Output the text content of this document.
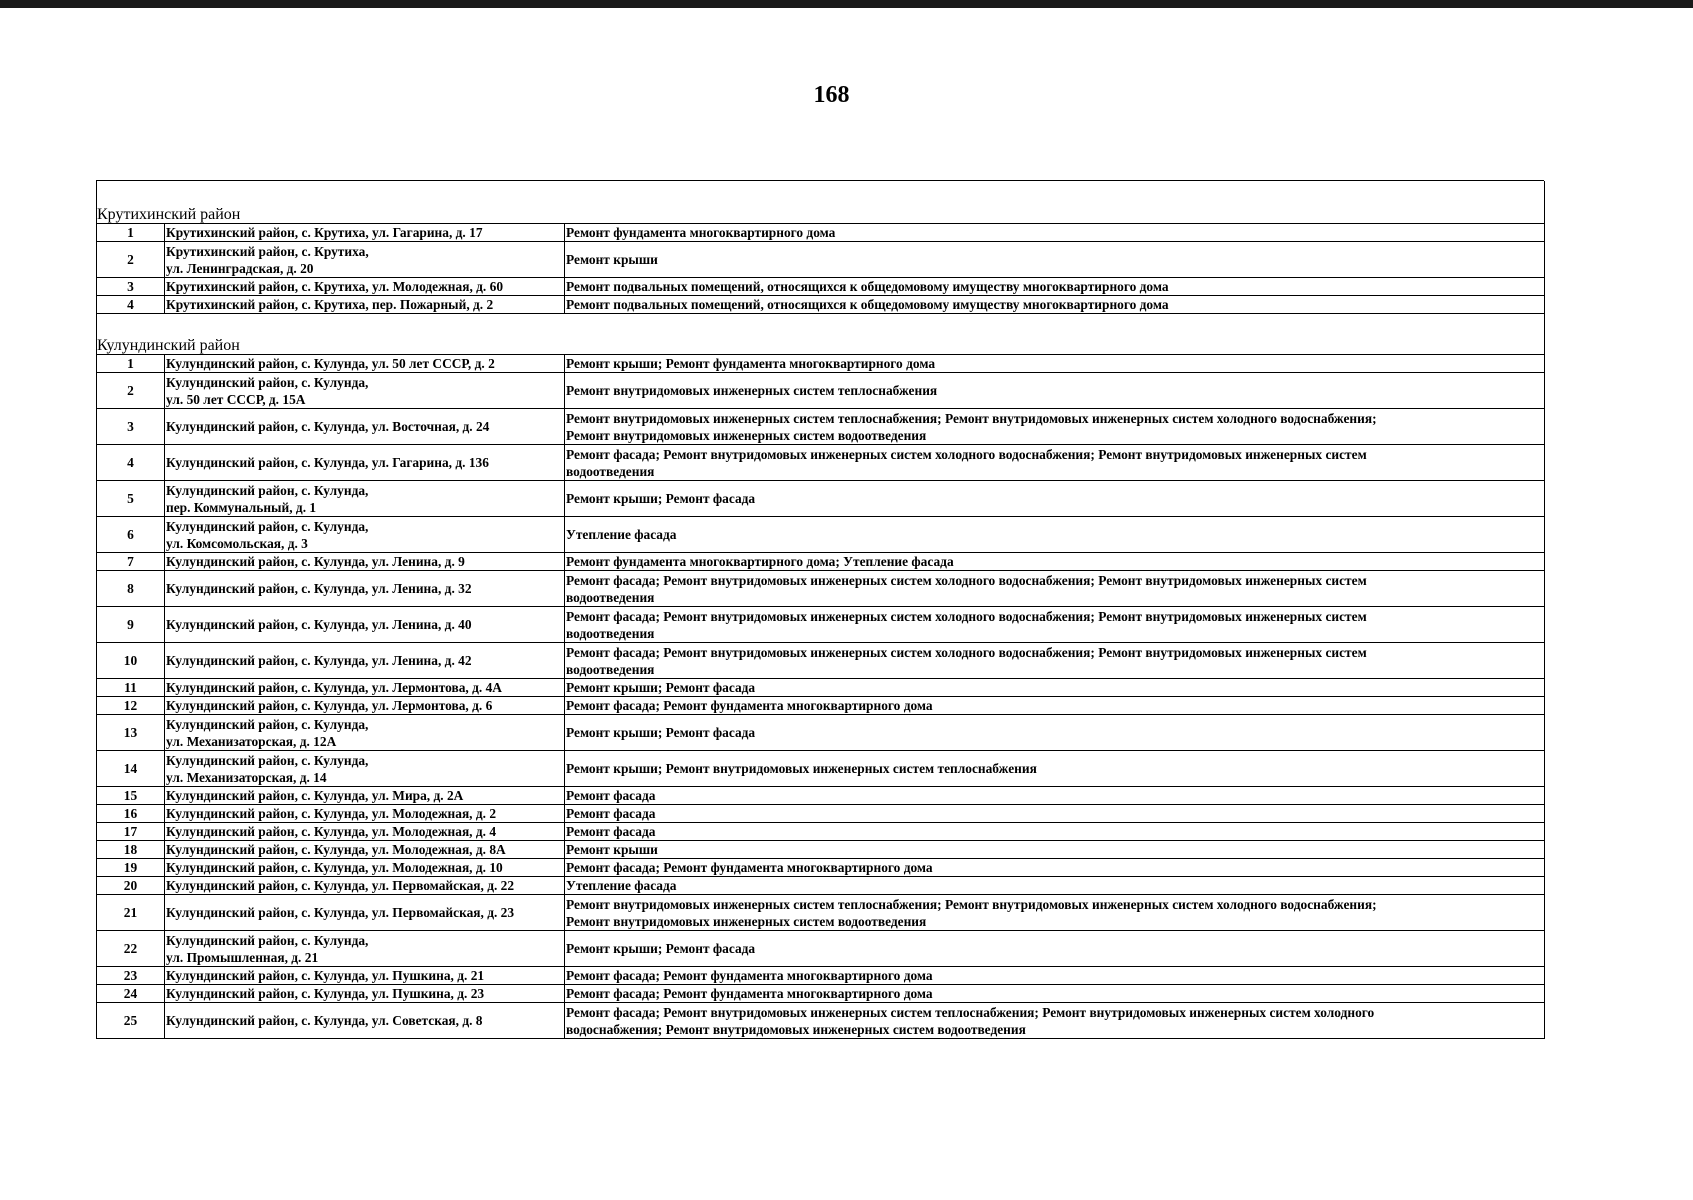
168
Крутихинский район		
1	Крутихинский район, с. Крутиха, ул. Гагарина, д. 17	Ремонт фундамента многоквартирного дома
2	Крутихинский район, с. Крутиха,
ул. Ленинградская, д. 20	Ремонт крыши
3	Крутихинский район, с. Крутиха, ул. Молодежная, д. 60	Ремонт подвальных помещений, относящихся к общедомовому имуществу многоквартирного дома
4	Крутихинский район, с. Крутиха, пер. Пожарный, д. 2	Ремонт подвальных помещений, относящихся к общедомовому имуществу многоквартирного дома
Кулундинский район		
1	Кулундинский район, с. Кулунда, ул. 50 лет СССР, д. 2	Ремонт крыши; Ремонт фундамента многоквартирного дома
2	Кулундинский район, с. Кулунда,
ул. 50 лет СССР, д. 15А	Ремонт внутридомовых инженерных систем теплоснабжения
3	Кулундинский район, с. Кулунда, ул. Восточная, д. 24	Ремонт внутридомовых инженерных систем теплоснабжения; Ремонт внутридомовых инженерных систем холодного водоснабжения;
Ремонт внутридомовых инженерных систем водоотведения
4	Кулундинский район, с. Кулунда, ул. Гагарина, д. 136	Ремонт фасада; Ремонт внутридомовых инженерных систем холодного водоснабжения; Ремонт внутридомовых инженерных систем
водоотведения
5	Кулундинский район, с. Кулунда,
пер. Коммунальный, д. 1	Ремонт крыши; Ремонт фасада
6	Кулундинский район, с. Кулунда,
ул. Комсомольская, д. 3	Утепление фасада
7	Кулундинский район, с. Кулунда, ул. Ленина, д. 9	Ремонт фундамента многоквартирного дома; Утепление фасада
8	Кулундинский район, с. Кулунда, ул. Ленина, д. 32	Ремонт фасада; Ремонт внутридомовых инженерных систем холодного водоснабжения; Ремонт внутридомовых инженерных систем
водоотведения
9	Кулундинский район, с. Кулунда, ул. Ленина, д. 40	Ремонт фасада; Ремонт внутридомовых инженерных систем холодного водоснабжения; Ремонт внутридомовых инженерных систем
водоотведения
10	Кулундинский район, с. Кулунда, ул. Ленина, д. 42	Ремонт фасада; Ремонт внутридомовых инженерных систем холодного водоснабжения; Ремонт внутридомовых инженерных систем
водоотведения
11	Кулундинский район, с. Кулунда, ул. Лермонтова, д. 4А	Ремонт крыши; Ремонт фасада
12	Кулундинский район, с. Кулунда, ул. Лермонтова, д. 6	Ремонт фасада; Ремонт фундамента многоквартирного дома
13	Кулундинский район, с. Кулунда,
ул. Механизаторская, д. 12А	Ремонт крыши; Ремонт фасада
14	Кулундинский район, с. Кулунда,
ул. Механизаторская, д. 14	Ремонт крыши; Ремонт внутридомовых инженерных систем теплоснабжения
15	Кулундинский район, с. Кулунда, ул. Мира, д. 2А	Ремонт фасада
16	Кулундинский район, с. Кулунда, ул. Молодежная, д. 2	Ремонт фасада
17	Кулундинский район, с. Кулунда, ул. Молодежная, д. 4	Ремонт фасада
18	Кулундинский район, с. Кулунда, ул. Молодежная, д. 8А	Ремонт крыши
19	Кулундинский район, с. Кулунда, ул. Молодежная, д. 10	Ремонт фасада; Ремонт фундамента многоквартирного дома
20	Кулундинский район, с. Кулунда, ул. Первомайская, д. 22	Утепление фасада
21	Кулундинский район, с. Кулунда, ул. Первомайская, д. 23	Ремонт внутридомовых инженерных систем теплоснабжения; Ремонт внутридомовых инженерных систем холодного водоснабжения;
Ремонт внутридомовых инженерных систем водоотведения
22	Кулундинский район, с. Кулунда,
ул. Промышленная, д. 21	Ремонт крыши; Ремонт фасада
23	Кулундинский район, с. Кулунда, ул. Пушкина, д. 21	Ремонт фасада; Ремонт фундамента многоквартирного дома
24	Кулундинский район, с. Кулунда, ул. Пушкина, д. 23	Ремонт фасада; Ремонт фундамента многоквартирного дома
25	Кулундинский район, с. Кулунда, ул. Советская, д. 8	Ремонт фасада; Ремонт внутридомовых инженерных систем теплоснабжения; Ремонт внутридомовых инженерных систем холодного
водоснабжения; Ремонт внутридомовых инженерных систем водоотведения
